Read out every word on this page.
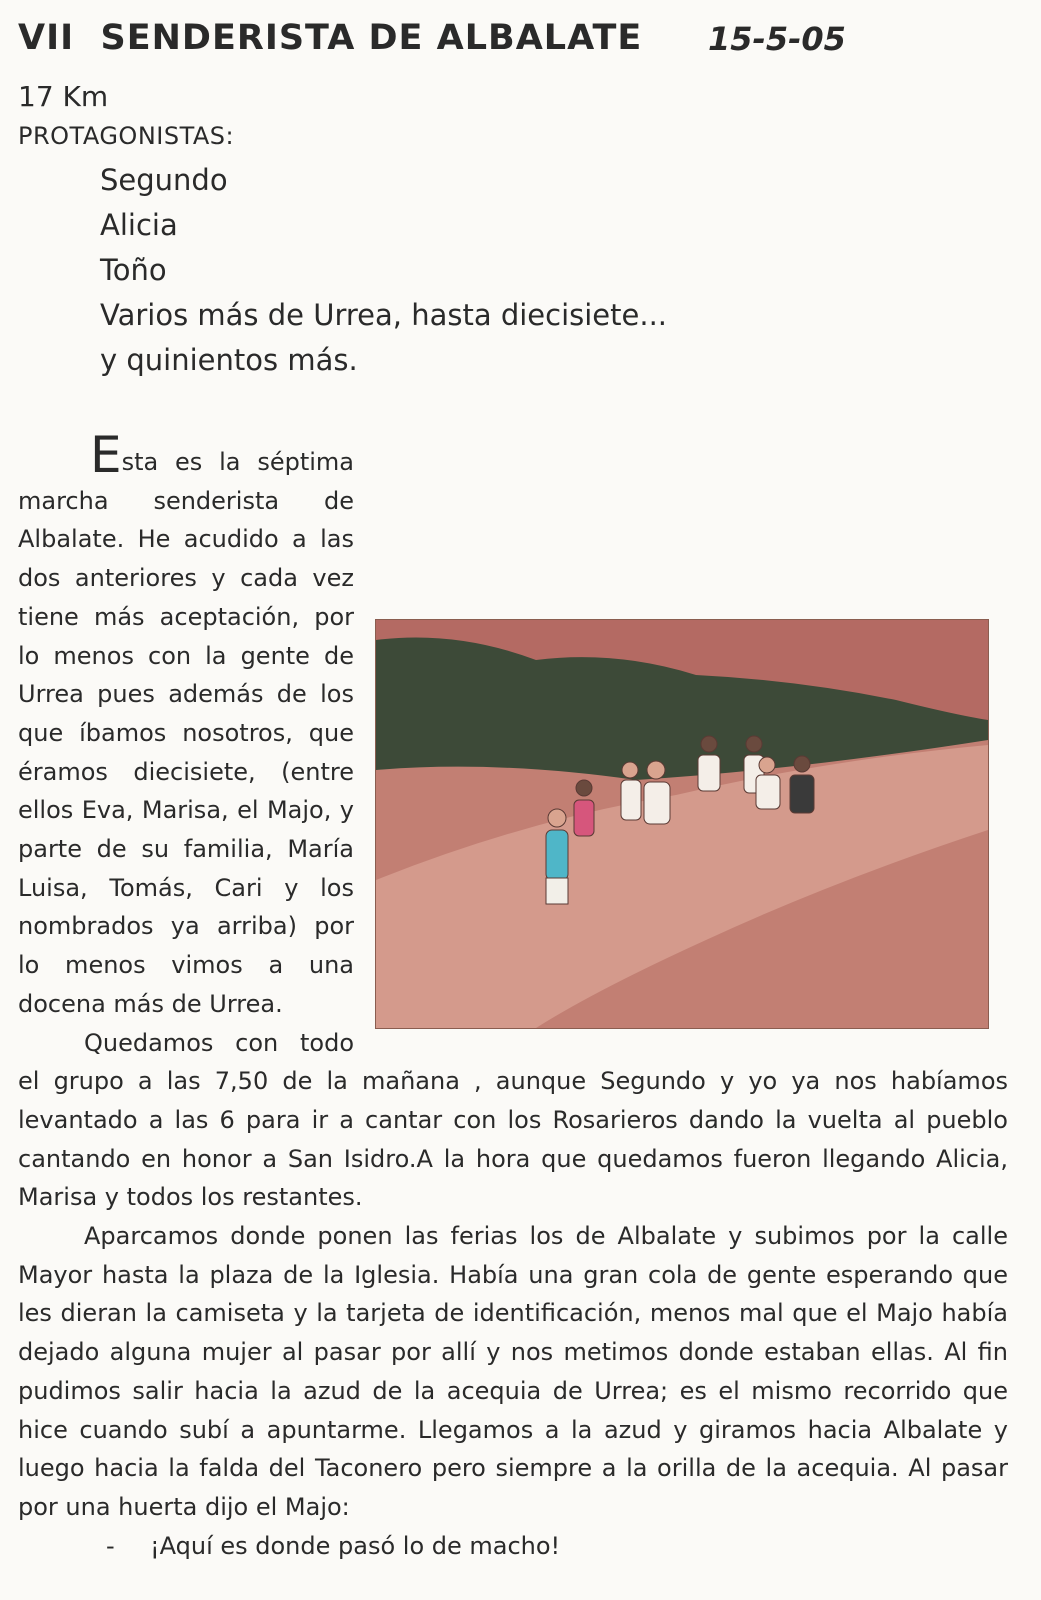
VII  SENDERISTA DE ALBALATE 15-5-05
17 Km
PROTAGONISTAS:
Segundo
Alicia
Toño
Varios más de Urrea, hasta diecisiete...
y quinientos más.

Esta es la séptima marcha senderista de Albalate. He acudido a las dos anteriores y cada vez tiene más aceptación, por lo menos con la gente de Urrea pues además de los que íbamos nosotros, que éramos diecisiete, (entre ellos Eva, Marisa, el Majo, y parte de su familia, María Luisa, Tomás, Cari y los nombrados ya arriba) por lo menos vimos a una docena más de Urrea.

Quedamos con todo el grupo a las 7,50 de la mañana , aunque Segundo y yo ya nos habíamos levantado a las 6 para ir a cantar con los Rosarieros dando la vuelta al pueblo cantando en honor a San Isidro.A la hora que quedamos fueron llegando Alicia, Marisa y todos los restantes.

Aparcamos donde ponen las ferias los de Albalate y subimos por la calle Mayor hasta la plaza de la Iglesia. Había una gran cola de gente esperando que les dieran la camiseta y la tarjeta de identificación, menos mal que el Majo había dejado alguna mujer al pasar por allí y nos metimos donde estaban ellas. Al fin pudimos salir hacia la azud de la acequia de Urrea; es el mismo recorrido que hice cuando subí a apuntarme. Llegamos a la azud y giramos hacia Albalate y luego hacia la falda del Taconero pero siempre a la orilla de la acequia. Al pasar por una huerta dijo el Majo:

- ¡Aquí es donde pasó lo de macho!
